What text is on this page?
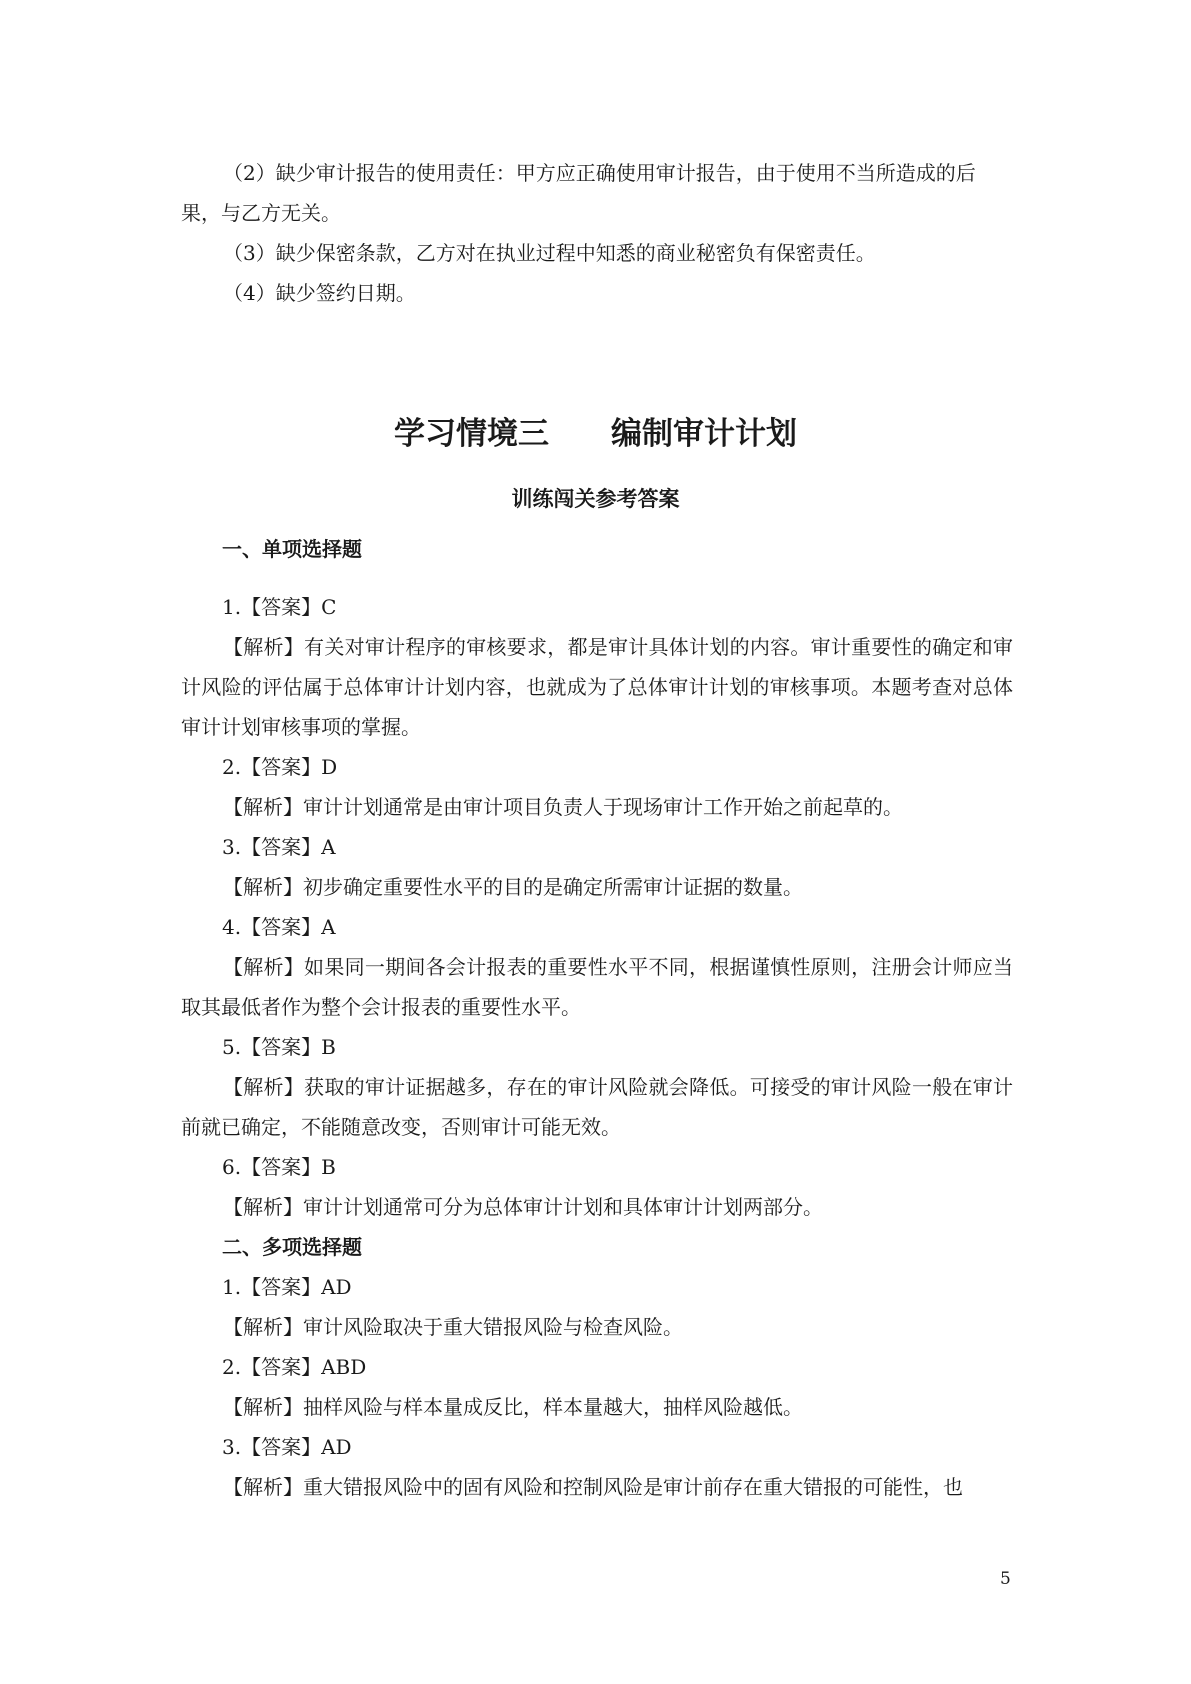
（2）缺少审计报告的使用责任：甲方应正确使用审计报告，由于使用不当所造成的后

果，与乙方无关。

（3）缺少保密条款，乙方对在执业过程中知悉的商业秘密负有保密责任。

（4）缺少签约日期。

学习情境三　　编制审计计划
训练闯关参考答案

一、单项选择题

1.【答案】C

【解析】有关对审计程序的审核要求，都是审计具体计划的内容。审计重要性的确定和审计风险的评估属于总体审计计划内容，也就成为了总体审计计划的审核事项。本题考查对总体审计计划审核事项的掌握。

2.【答案】D

【解析】审计计划通常是由审计项目负责人于现场审计工作开始之前起草的。

3.【答案】A

【解析】初步确定重要性水平的目的是确定所需审计证据的数量。

4.【答案】A

【解析】如果同一期间各会计报表的重要性水平不同，根据谨慎性原则，注册会计师应当取其最低者作为整个会计报表的重要性水平。

5.【答案】B

【解析】获取的审计证据越多，存在的审计风险就会降低。可接受的审计风险一般在审计前就已确定，不能随意改变，否则审计可能无效。

6.【答案】B

【解析】审计计划通常可分为总体审计计划和具体审计计划两部分。

二、多项选择题

1.【答案】AD

【解析】审计风险取决于重大错报风险与检查风险。

2.【答案】ABD

【解析】抽样风险与样本量成反比，样本量越大，抽样风险越低。

3.【答案】AD

【解析】重大错报风险中的固有风险和控制风险是审计前存在重大错报的可能性，也

5
